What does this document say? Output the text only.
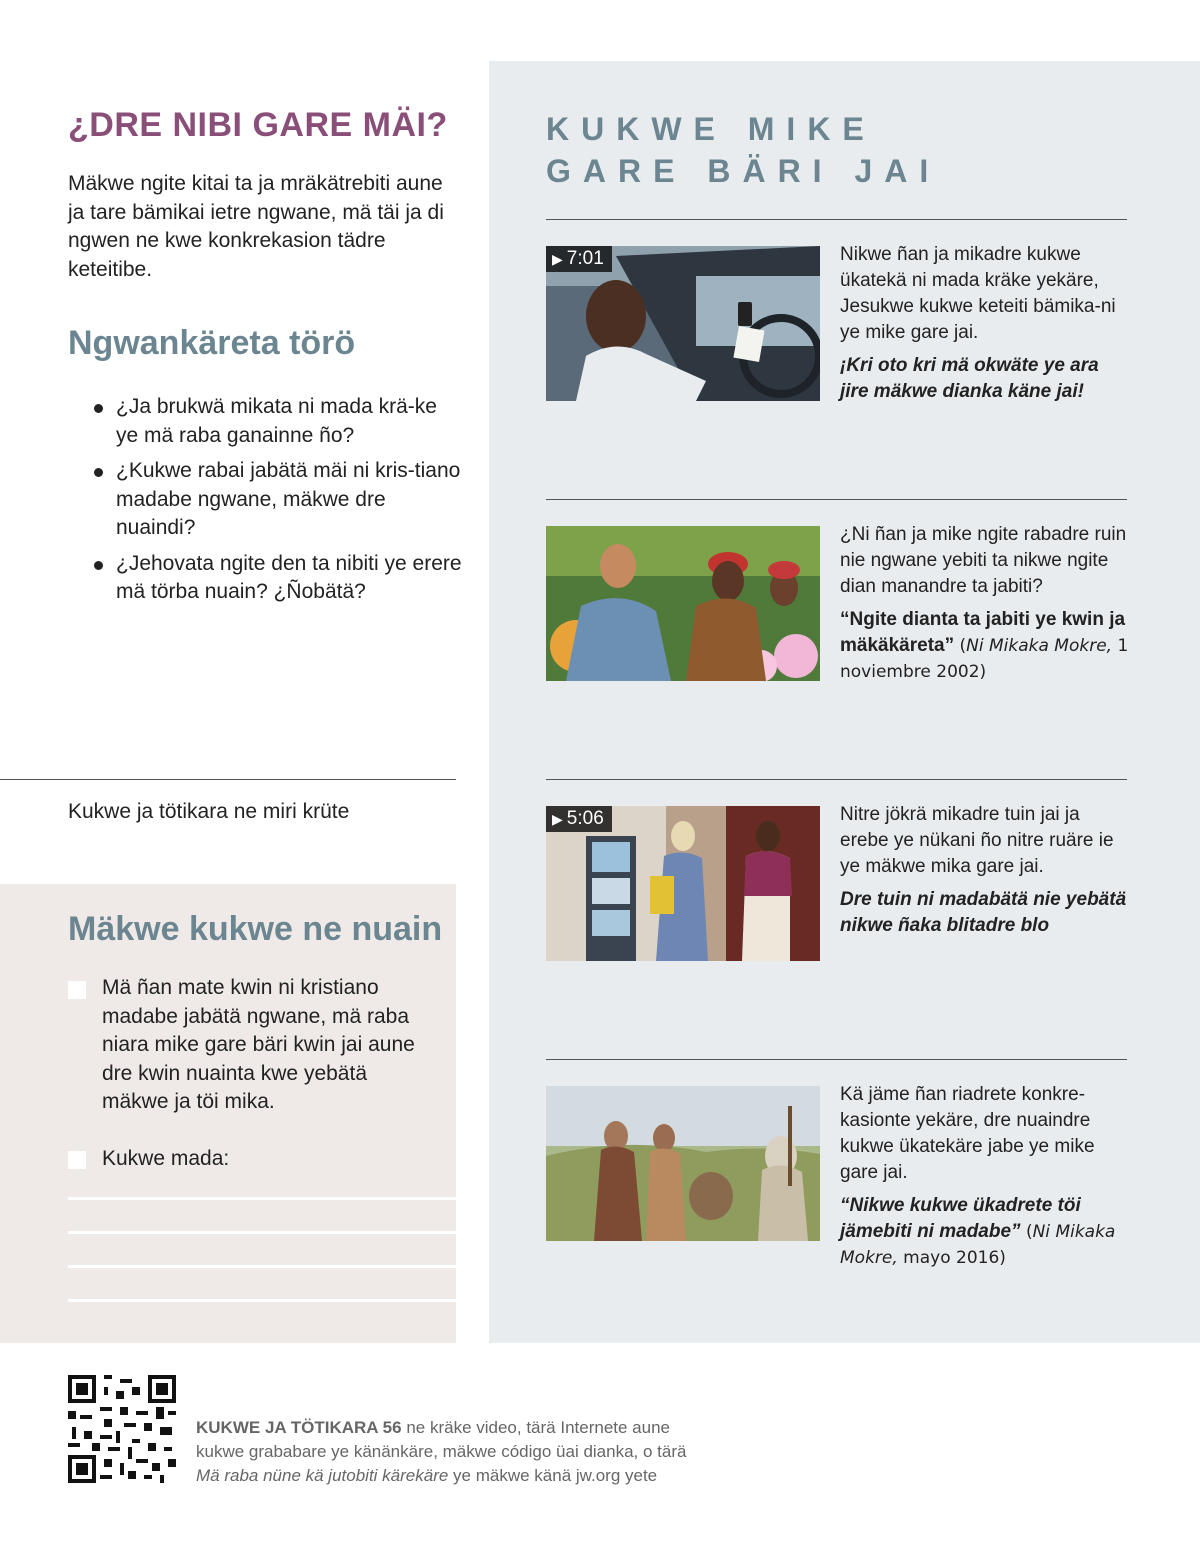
¿DRE NIBI GARE MÄI?

Mäkwe ngite kitai ta ja mräkätrebiti aune ja tare bämikai ietre ngwane, mä täi ja di ngwen ne kwe konkrekasion tädre keteitibe.

Ngwankäreta törö
¿Ja brukwä mikata ni mada krä-ke ye mä raba ganainne ño?
¿Kukwe rabai jabätä mäi ni kris-tiano madabe ngwane, mäkwe dre nuaindi?
¿Jehovata ngite den ta nibiti ye erere mä törba nuain? ¿Ñobätä?

Kukwe ja tötikara ne miri krüte

Mäkwe kukwe ne nuain

Mä ñan mate kwin ni kristiano madabe jabätä ngwane, mä raba niara mike gare bäri kwin jai aune dre kwin nuainta kwe yebätä mäkwe ja töi mika.

Kukwe mada:

KUKWE MIKE
GARE BÄRI JAI
▶ 7:01	Nikwe ñan ja mikadre kukwe ükatekä ni mada kräke yekäre, Jesukwe kukwe keteiti bämika-ni ye mike gare jai.
¡Kri oto kri mä okwäte ye ara jire mäkwe dianka käne jai!
¿Ni ñan ja mike ngite rabadre ruin nie ngwane yebiti ta nikwe ngite dian manandre ta jabiti?
“Ngite dianta ta jabiti ye kwin ja mäkäkäreta” (Ni Mikaka Mokre, 1 noviembre 2002)
▶ 5:06	Nitre jökrä mikadre tuin jai ja erebe ye nükani ño nitre ruäre ie ye mäkwe mika gare jai.
Dre tuin ni madabätä nie yebätä nikwe ñaka blitadre blo
Kä jäme ñan riadrete konkre-kasionte yekäre, dre nuaindre kukwe ükatekäre jabe ye mike gare jai.
“Nikwe kukwe ükadrete töi jämebiti ni madabe” (Ni Mikaka Mokre, mayo 2016)

KUKWE JA TÖTIKARA 56 ne kräke video, tärä Internete aune
kukwe grababare ye känänkäre, mäkwe código üai dianka, o tärä
Mä raba nüne kä jutobiti kärekäre ye mäkwe känä jw.org yete
